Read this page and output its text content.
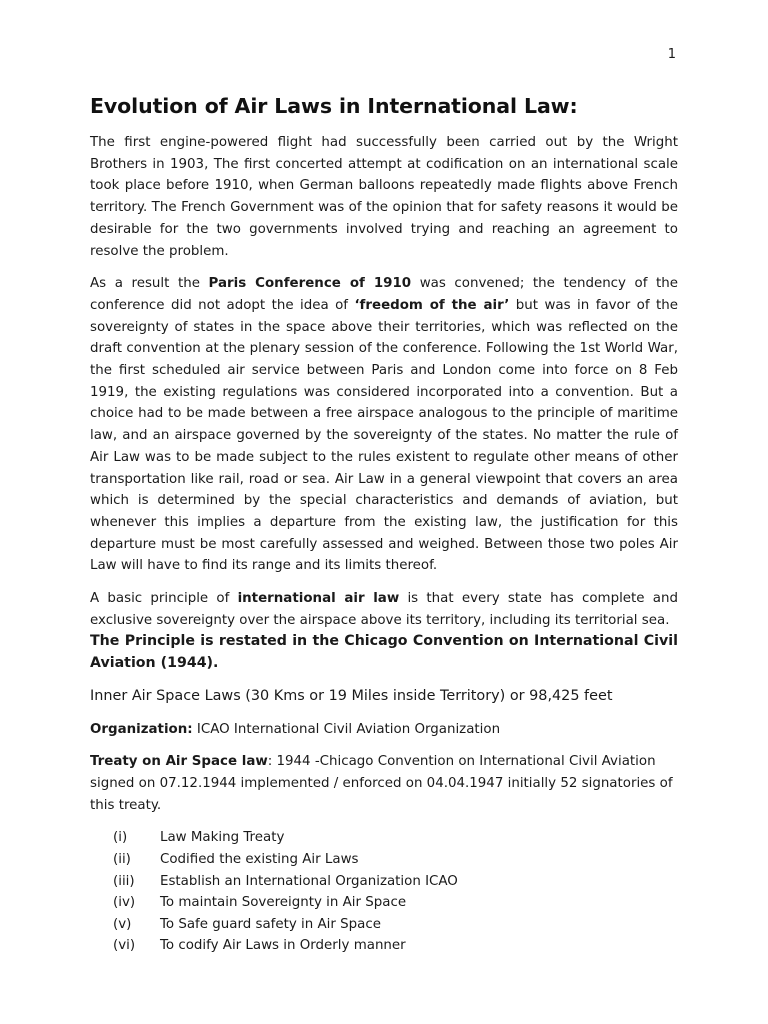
1
Evolution of Air Laws in International Law:

The first engine-powered flight had successfully been carried out by the Wright Brothers in 1903, The first concerted attempt at codification on an international scale took place before 1910, when German balloons repeatedly made flights above French territory. The French Government was of the opinion that for safety reasons it would be desirable for the two governments involved trying and reaching an agreement to resolve the problem.

As a result the Paris Conference of 1910 was convened; the tendency of the conference did not adopt the idea of ‘freedom of the air’ but was in favor of the sovereignty of states in the space above their territories, which was reflected on the draft convention at the plenary session of the conference. Following the 1st World War, the first scheduled air service between Paris and London come into force on 8 Feb 1919, the existing regulations was considered incorporated into a convention. But a choice had to be made between a free airspace analogous to the principle of maritime law, and an airspace governed by the sovereignty of the states. No matter the rule of Air Law was to be made subject to the rules existent to regulate other means of other transportation like rail, road or sea. Air Law in a general viewpoint that covers an area which is determined by the special characteristics and demands of aviation, but whenever this implies a departure from the existing law, the justification for this departure must be most carefully assessed and weighed. Between those two poles Air Law will have to find its range and its limits thereof.

A basic principle of international air law is that every state has complete and exclusive sovereignty over the airspace above its territory, including its territorial sea.

The Principle is restated in the Chicago Convention on International Civil Aviation (1944).

Inner Air Space Laws (30 Kms or 19 Miles inside Territory) or 98,425 feet

Organization: ICAO International Civil Aviation Organization

Treaty on Air Space law: 1944 -Chicago Convention on International Civil Aviation signed on 07.12.1944 implemented / enforced on 04.04.1947 initially 52 signatories of this treaty.

(i)	Law Making Treaty
(ii)	Codified the existing Air Laws
(iii)	Establish an International Organization ICAO
(iv)	To maintain Sovereignty in Air Space
(v)	To Safe guard safety in Air Space
(vi)	To codify Air Laws in Orderly manner
